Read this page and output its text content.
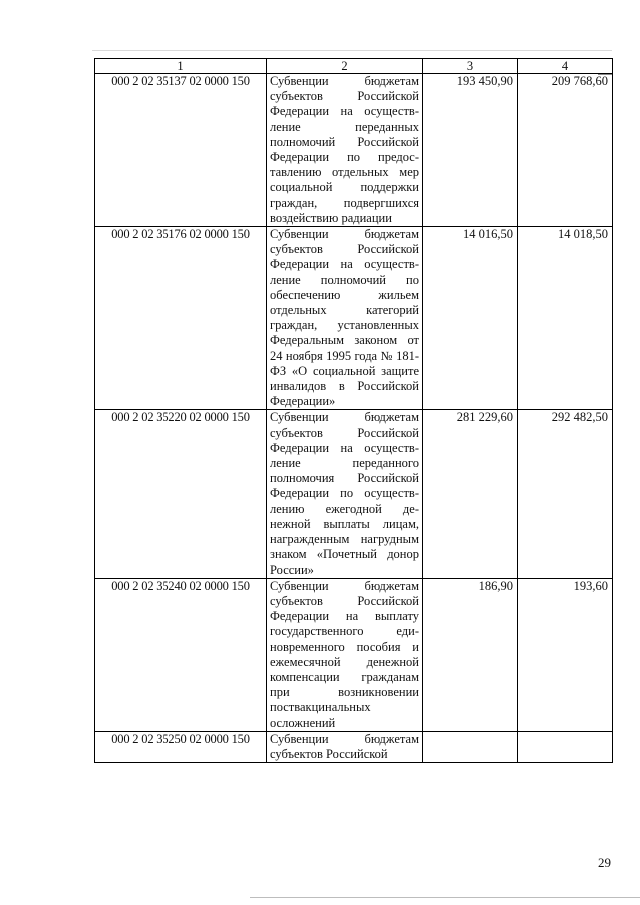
1	2	3	4
000 2 02 35137 02 0000 150	Субвенции бюджетам субъектов Российской Федерации на осуществление переданных полномочий Российской Федерации по предоставлению отдельных мер социальной поддержки граждан, подвергшихся воздействию радиации	193 450,90	209 768,60

000 2 02 35176 02 0000 150	Субвенции бюджетам субъектов Российской Федерации на осуществление полномочий по обеспечению жильем отдельных категорий граждан, установленных Федеральным законом от 24 ноября 1995 года № 181-ФЗ «О социальной защите инвалидов в Российской Федерации»	14 016,50	14 018,50

000 2 02 35220 02 0000 150	Субвенции бюджетам субъектов Российской Федерации на осуществление переданного полномочия Российской Федерации по осуществлению ежегодной денежной выплаты лицам, награжденным нагрудным знаком «Почетный донор России»	281 229,60	292 482,50

000 2 02 35240 02 0000 150	Субвенции бюджетам субъектов Российской Федерации на выплату государственного единовременного пособия и ежемесячной денежной компенсации гражданам при возникновении поствакцинальных осложнений	186,90	193,60

000 2 02 35250 02 0000 150	Субвенции бюджетам субъектов Российской	

29
